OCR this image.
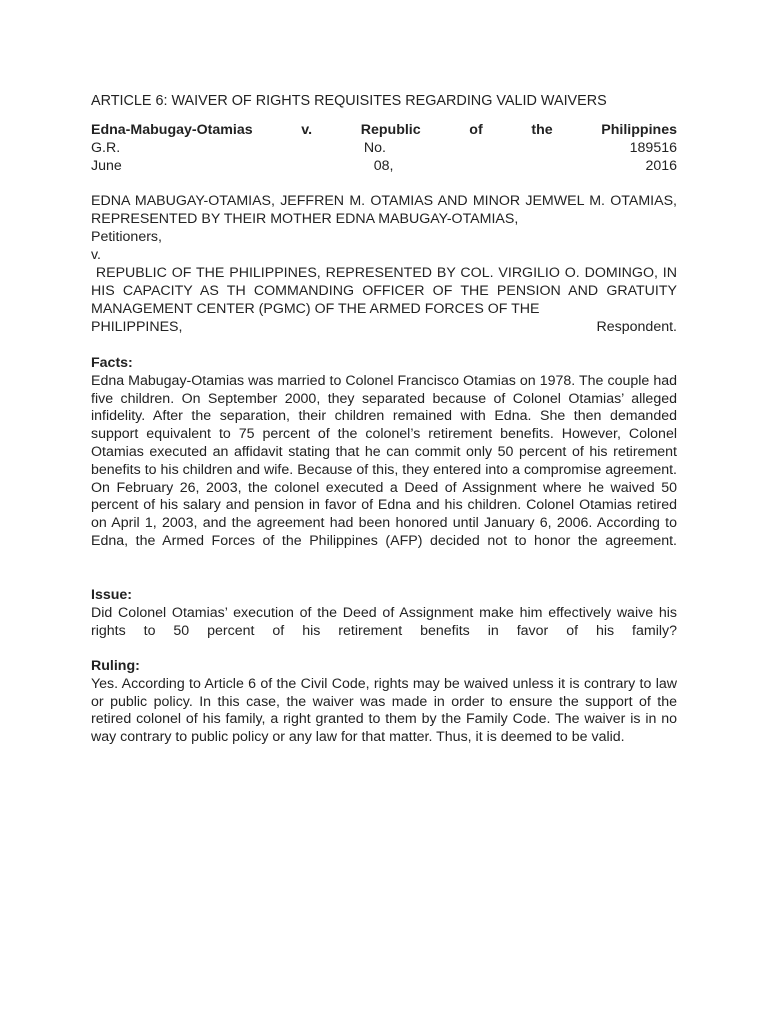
ARTICLE 6: WAIVER OF RIGHTS REQUISITES REGARDING VALID WAIVERS
Edna-Mabugay-Otamias	v.	Republic	of	the	Philippines
G.R.	No.	189516
June	08,	2016

EDNA MABUGAY-OTAMIAS, JEFFREN M. OTAMIAS AND MINOR JEMWEL M. OTAMIAS, REPRESENTED BY THEIR MOTHER EDNA MABUGAY-OTAMIAS,

Petitioners,

v.

REPUBLIC OF THE PHILIPPINES, REPRESENTED BY COL. VIRGILIO O. DOMINGO, IN HIS CAPACITY AS TH COMMANDING OFFICER OF THE PENSION AND GRATUITY MANAGEMENT CENTER (PGMC) OF THE ARMED FORCES OF THE

PHILIPPINES,	Respondent.

Facts:

Edna Mabugay-Otamias was married to Colonel Francisco Otamias on 1978. The couple had five children. On September 2000, they separated because of Colonel Otamias’ alleged infidelity. After the separation, their children remained with Edna. She then demanded support equivalent to 75 percent of the colonel’s retirement benefits. However, Colonel Otamias executed an affidavit stating that he can commit only 50 percent of his retirement benefits to his children and wife. Because of this, they entered into a compromise agreement. On February 26, 2003, the colonel executed a Deed of Assignment where he waived 50 percent of his salary and pension in favor of Edna and his children. Colonel Otamias retired on April 1, 2003, and the agreement had been honored until January 6, 2006. According to Edna, the Armed Forces of the Philippines (AFP) decided not to honor the agreement.

Issue:

Did Colonel Otamias’ execution of the Deed of Assignment make him effectively waive his rights to 50 percent of his retirement benefits in favor of his family?

Ruling:

Yes. According to Article 6 of the Civil Code, rights may be waived unless it is contrary to law or public policy. In this case, the waiver was made in order to ensure the support of the retired colonel of his family, a right granted to them by the Family Code. The waiver is in no way contrary to public policy or any law for that matter. Thus, it is deemed to be valid.
